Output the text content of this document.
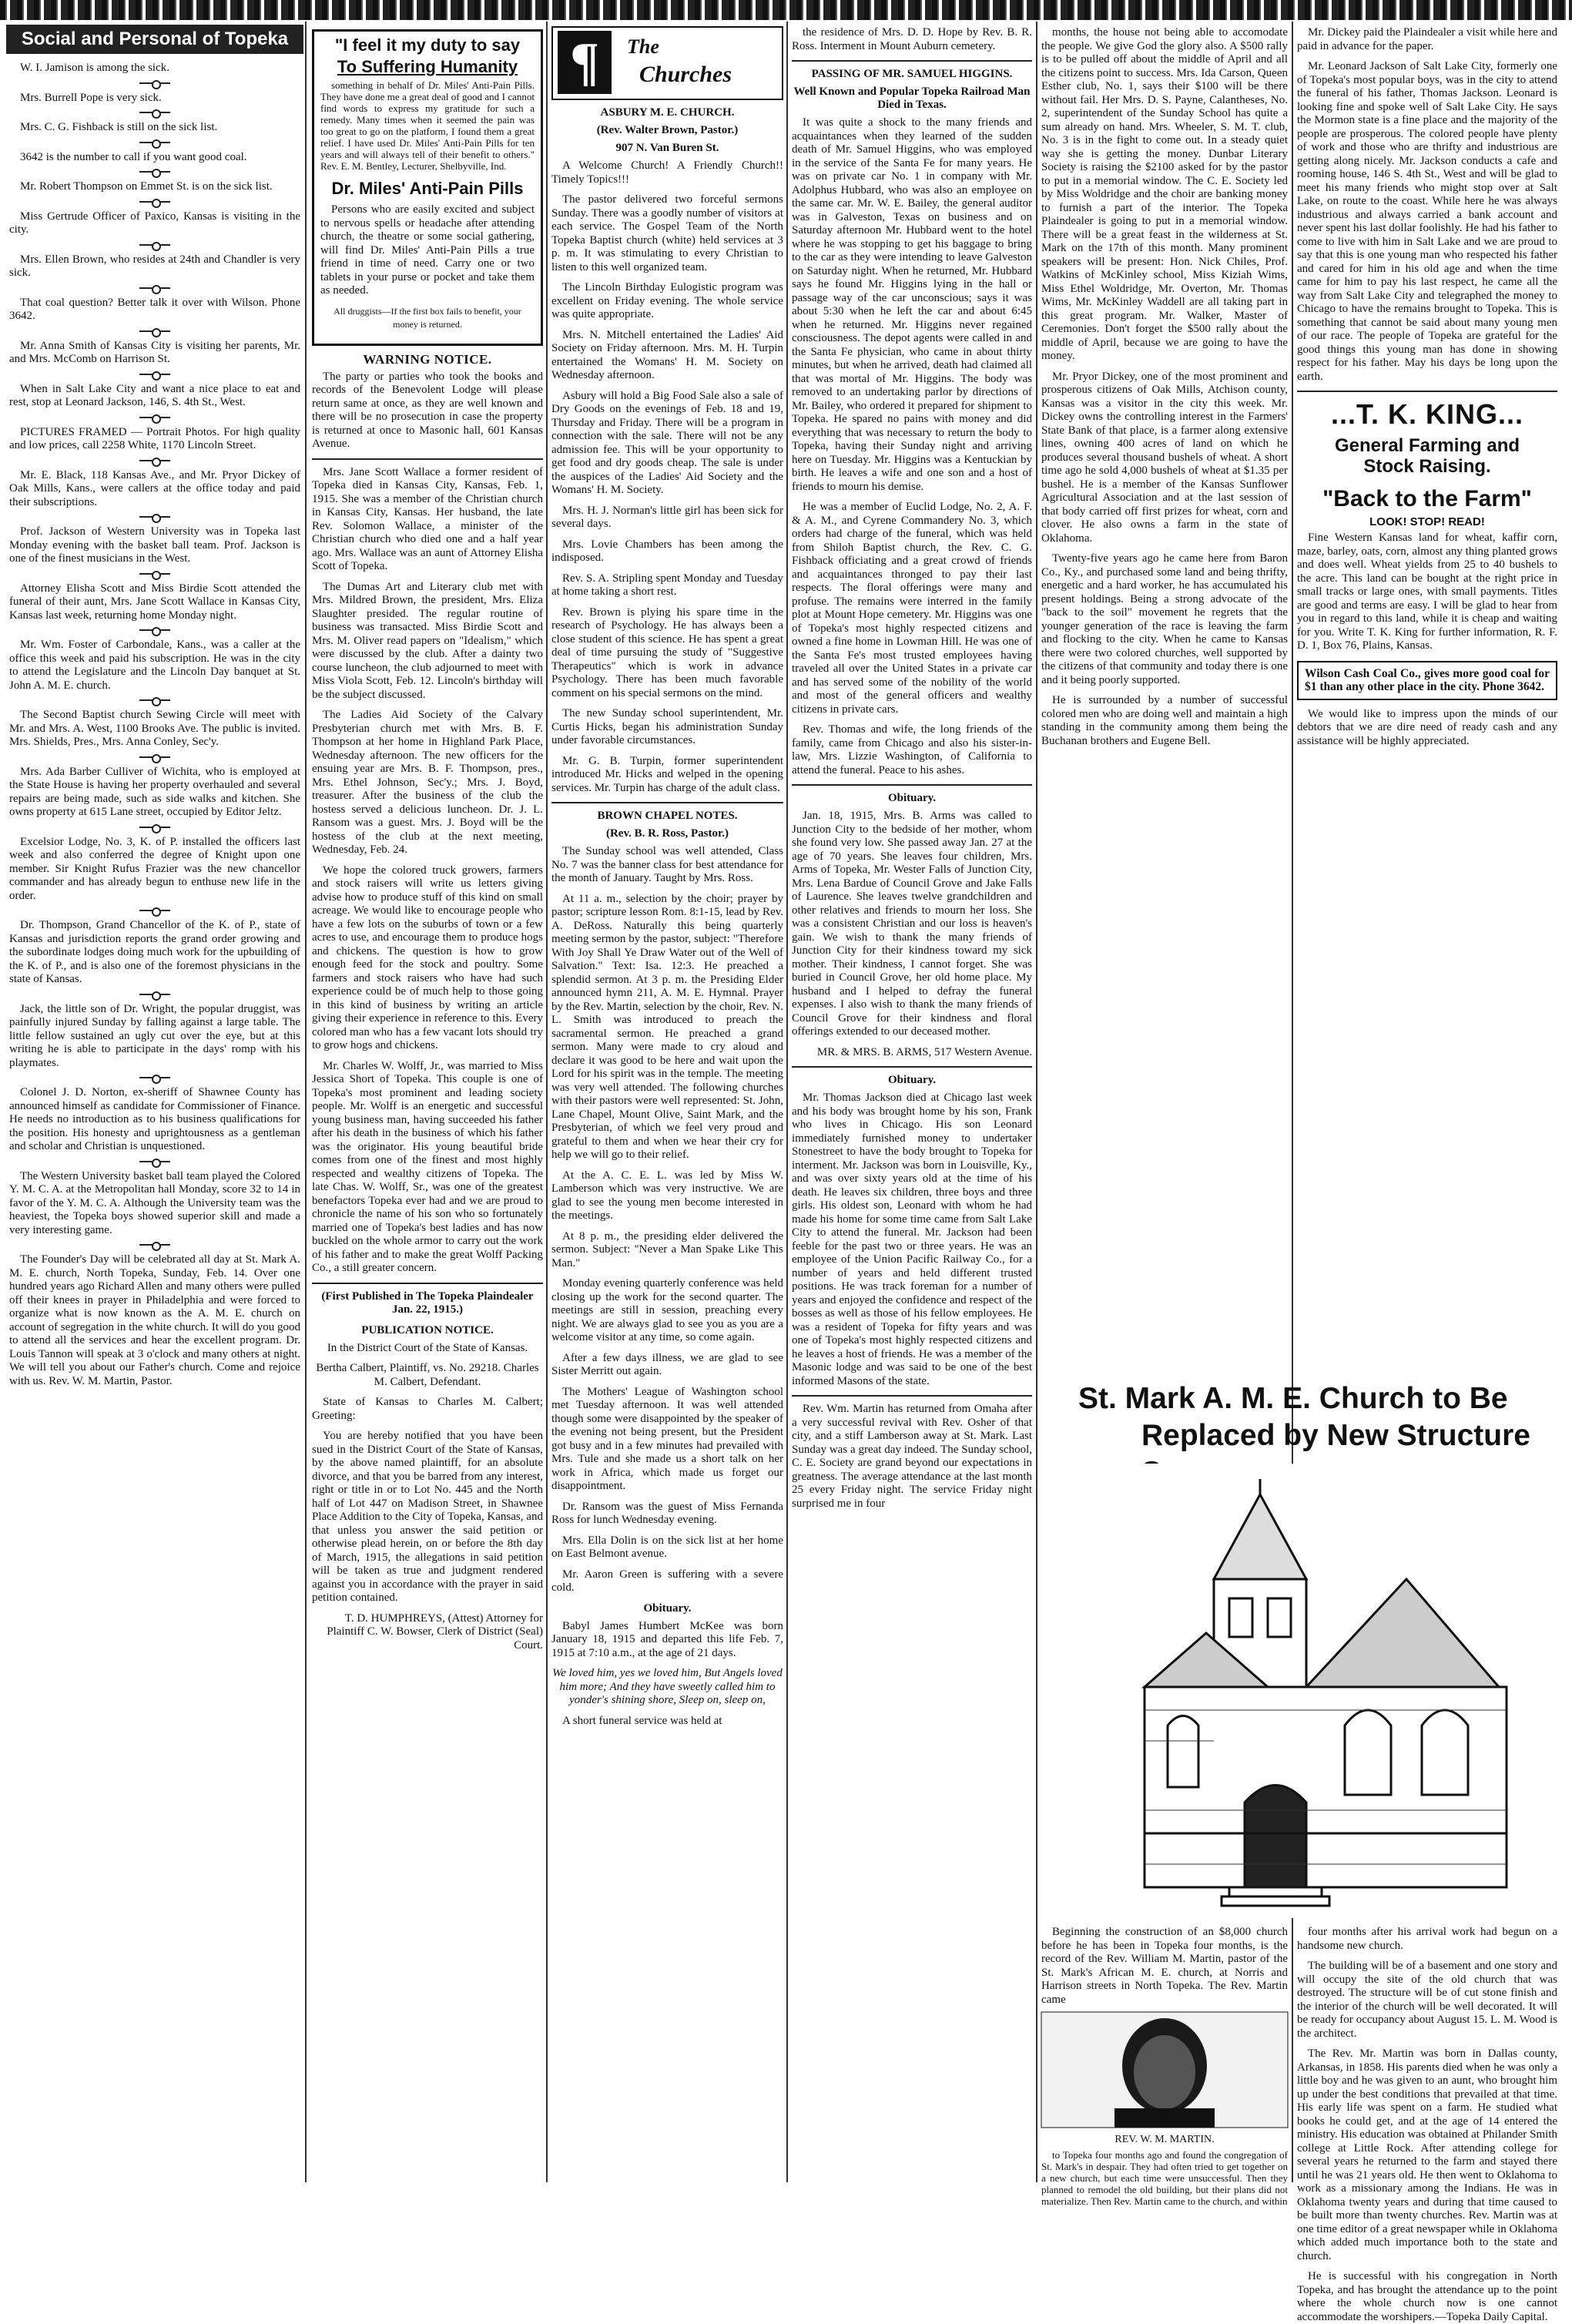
Social and Personal of Topeka

W. I. Jamison is among the sick.

Mrs. Burrell Pope is very sick.

Mrs. C. G. Fishback is still on the sick list.

3642 is the number to call if you want good coal.

Mr. Robert Thompson on Emmet St. is on the sick list.

Miss Gertrude Officer of Paxico, Kansas is visiting in the city.

Mrs. Ellen Brown, who resides at 24th and Chandler is very sick.

That coal question? Better talk it over with Wilson. Phone 3642.

Mr. Anna Smith of Kansas City is visiting her parents, Mr. and Mrs. McComb on Harrison St.

When in Salt Lake City and want a nice place to eat and rest, stop at Leonard Jackson, 146, S. 4th St., West.

PICTURES FRAMED — Portrait Photos. For high quality and low prices, call 2258 White, 1170 Lincoln Street.

Mr. E. Black, 118 Kansas Ave., and Mr. Pryor Dickey of Oak Mills, Kans., were callers at the office today and paid their subscriptions.

Prof. Jackson of Western University was in Topeka last Monday evening with the basket ball team. Prof. Jackson is one of the finest musicians in the West.

Attorney Elisha Scott and Miss Birdie Scott attended the funeral of their aunt, Mrs. Jane Scott Wallace in Kansas City, Kansas last week, returning home Monday night.

Mr. Wm. Foster of Carbondale, Kans., was a caller at the office this week and paid his subscription. He was in the city to attend the Legislature and the Lincoln Day banquet at St. John A. M. E. church.

The Second Baptist church Sewing Circle will meet with Mr. and Mrs. A. West, 1100 Brooks Ave. The public is invited. Mrs. Shields, Pres., Mrs. Anna Conley, Sec'y.

Mrs. Ada Barber Culliver of Wichita, who is employed at the State House is having her property overhauled and several repairs are being made, such as side walks and kitchen. She owns property at 615 Lane street, occupied by Editor Jeltz.

Excelsior Lodge, No. 3, K. of P. installed the officers last week and also conferred the degree of Knight upon one member. Sir Knight Rufus Frazier was the new chancellor commander and has already begun to enthuse new life in the order.

Dr. Thompson, Grand Chancellor of the K. of P., state of Kansas and jurisdiction reports the grand order growing and the subordinate lodges doing much work for the upbuilding of the K. of P., and is also one of the foremost physicians in the state of Kansas.

Jack, the little son of Dr. Wright, the popular druggist, was painfully injured Sunday by falling against a large table. The little fellow sustained an ugly cut over the eye, but at this writing he is able to participate in the days' romp with his playmates.

Colonel J. D. Norton, ex-sheriff of Shawnee County has announced himself as candidate for Commissioner of Finance. He needs no introduction as to his business qualifications for the position. His honesty and uprightousness as a gentleman and scholar and Christian is unquestioned.

The Western University basket ball team played the Colored Y. M. C. A. at the Metropolitan hall Monday, score 32 to 14 in favor of the Y. M. C. A. Although the University team was the heaviest, the Topeka boys showed superior skill and made a very interesting game.

The Founder's Day will be celebrated all day at St. Mark A. M. E. church, North Topeka, Sunday, Feb. 14. Over one hundred years ago Richard Allen and many others were pulled off their knees in prayer in Philadelphia and were forced to organize what is now known as the A. M. E. church on account of segregation in the white church. It will do you good to attend all the services and hear the excellent program. Dr. Louis Tannon will speak at 3 o'clock and many others at night. We will tell you about our Father's church. Come and rejoice with us. Rev. W. M. Martin, Pastor.

"I feel it my duty to say
To Suffering Humanity

something in behalf of Dr. Miles' Anti-Pain Pills. They have done me a great deal of good and I cannot find words to express my gratitude for such a remedy. Many times when it seemed the pain was too great to go on the platform, I found them a great relief. I have used Dr. Miles' Anti-Pain Pills for ten years and will always tell of their benefit to others." Rev. E. M. Bentley, Lecturer, Shelbyville, Ind.

Dr. Miles' Anti-Pain Pills

Persons who are easily excited and subject to nervous spells or headache after attending church, the theatre or some social gathering, will find Dr. Miles' Anti-Pain Pills a true friend in time of need. Carry one or two tablets in your purse or pocket and take them as needed.

All druggists—If the first box fails to benefit, your money is returned.

WARNING NOTICE.

The party or parties who took the books and records of the Benevolent Lodge will please return same at once, as they are well known and there will be no prosecution in case the property is returned at once to Masonic hall, 601 Kansas Avenue.

Mrs. Jane Scott Wallace a former resident of Topeka died in Kansas City, Kansas, Feb. 1, 1915. She was a member of the Christian church in Kansas City, Kansas. Her husband, the late Rev. Solomon Wallace, a minister of the Christian church who died one and a half year ago. Mrs. Wallace was an aunt of Attorney Elisha Scott of Topeka.

The Dumas Art and Literary club met with Mrs. Mildred Brown, the president, Mrs. Eliza Slaughter presided. The regular routine of business was transacted. Miss Birdie Scott and Mrs. M. Oliver read papers on "Idealism," which were discussed by the club. After a dainty two course luncheon, the club adjourned to meet with Miss Viola Scott, Feb. 12. Lincoln's birthday will be the subject discussed.

The Ladies Aid Society of the Calvary Presbyterian church met with Mrs. B. F. Thompson at her home in Highland Park Place, Wednesday afternoon. The new officers for the ensuing year are Mrs. B. F. Thompson, pres., Mrs. Ethel Johnson, Sec'y.; Mrs. J. Boyd, treasurer. After the business of the club the hostess served a delicious luncheon. Dr. J. L. Ransom was a guest. Mrs. J. Boyd will be the hostess of the club at the next meeting, Wednesday, Feb. 24.

We hope the colored truck growers, farmers and stock raisers will write us letters giving advise how to produce stuff of this kind on small acreage. We would like to encourage people who have a few lots on the suburbs of town or a few acres to use, and encourage them to produce hogs and chickens. The question is how to grow enough feed for the stock and poultry. Some farmers and stock raisers who have had such experience could be of much help to those going in this kind of business by writing an article giving their experience in reference to this. Every colored man who has a few vacant lots should try to grow hogs and chickens.

Mr. Charles W. Wolff, Jr., was married to Miss Jessica Short of Topeka. This couple is one of Topeka's most prominent and leading society people. Mr. Wolff is an energetic and successful young business man, having succeeded his father after his death in the business of which his father was the originator. His young beautiful bride comes from one of the finest and most highly respected and wealthy citizens of Topeka. The late Chas. W. Wolff, Sr., was one of the greatest benefactors Topeka ever had and we are proud to chronicle the name of his son who so fortunately married one of Topeka's best ladies and has now buckled on the whole armor to carry out the work of his father and to make the great Wolff Packing Co., a still greater concern.

(First Published in The Topeka Plaindealer Jan. 22, 1915.)

PUBLICATION NOTICE.

In the District Court of the State of Kansas.

Bertha Calbert, Plaintiff, vs. No. 29218. Charles M. Calbert, Defendant.

State of Kansas to Charles M. Calbert; Greeting:

You are hereby notified that you have been sued in the District Court of the State of Kansas, by the above named plaintiff, for an absolute divorce, and that you be barred from any interest, right or title in or to Lot No. 445 and the North half of Lot 447 on Madison Street, in Shawnee Place Addition to the City of Topeka, Kansas, and that unless you answer the said petition or otherwise plead herein, on or before the 8th day of March, 1915, the allegations in said petition will be taken as true and judgment rendered against you in accordance with the prayer in said petition contained.

T. D. HUMPHREYS, (Attest) Attorney for Plaintiff C. W. Bowser, Clerk of District (Seal) Court.

¶	The
Churches
ASBURY M. E. CHURCH.
(Rev. Walter Brown, Pastor.)
907 N. Van Buren St.

A Welcome Church! A Friendly Church!! Timely Topics!!!

The pastor delivered two forceful sermons Sunday. There was a goodly number of visitors at each service. The Gospel Team of the North Topeka Baptist church (white) held services at 3 p. m. It was stimulating to every Christian to listen to this well organized team.

The Lincoln Birthday Eulogistic program was excellent on Friday evening. The whole service was quite appropriate.

Mrs. N. Mitchell entertained the Ladies' Aid Society on Friday afternoon. Mrs. M. H. Turpin entertained the Womans' H. M. Society on Wednesday afternoon.

Asbury will hold a Big Food Sale also a sale of Dry Goods on the evenings of Feb. 18 and 19, Thursday and Friday. There will be a program in connection with the sale. There will not be any admission fee. This will be your opportunity to get food and dry goods cheap. The sale is under the auspices of the Ladies' Aid Society and the Womans' H. M. Society.

Mrs. H. J. Norman's little girl has been sick for several days.

Mrs. Lovie Chambers has been among the indisposed.

Rev. S. A. Stripling spent Monday and Tuesday at home taking a short rest.

Rev. Brown is plying his spare time in the research of Psychology. He has always been a close student of this science. He has spent a great deal of time pursuing the study of "Suggestive Therapeutics" which is work in advance Psychology. There has been much favorable comment on his special sermons on the mind.

The new Sunday school superintendent, Mr. Curtis Hicks, began his administration Sunday under favorable circumstances.

Mr. G. B. Turpin, former superintendent introduced Mr. Hicks and welped in the opening services. Mr. Turpin has charge of the adult class.

BROWN CHAPEL NOTES.
(Rev. B. R. Ross, Pastor.)

The Sunday school was well attended, Class No. 7 was the banner class for best attendance for the month of January. Taught by Mrs. Ross.

At 11 a. m., selection by the choir; prayer by pastor; scripture lesson Rom. 8:1-15, lead by Rev. A. DeRoss. Naturally this being quarterly meeting sermon by the pastor, subject: "Therefore With Joy Shall Ye Draw Water out of the Well of Salvation." Text: Isa. 12:3. He preached a splendid sermon. At 3 p. m. the Presiding Elder announced hymn 211, A. M. E. Hymnal. Prayer by the Rev. Martin, selection by the choir, Rev. N. L. Smith was introduced to preach the sacramental sermon. He preached a grand sermon. Many were made to cry aloud and declare it was good to be here and wait upon the Lord for his spirit was in the temple. The meeting was very well attended. The following churches with their pastors were well represented: St. John, Lane Chapel, Mount Olive, Saint Mark, and the Presbyterian, of which we feel very proud and grateful to them and when we hear their cry for help we will go to their relief.

At the A. C. E. L. was led by Miss W. Lamberson which was very instructive. We are glad to see the young men become interested in the meetings.

At 8 p. m., the presiding elder delivered the sermon. Subject: "Never a Man Spake Like This Man."

Monday evening quarterly conference was held closing up the work for the second quarter. The meetings are still in session, preaching every night. We are always glad to see you as you are a welcome visitor at any time, so come again.

After a few days illness, we are glad to see Sister Merritt out again.

The Mothers' League of Washington school met Tuesday afternoon. It was well attended though some were disappointed by the speaker of the evening not being present, but the President got busy and in a few minutes had prevailed with Mrs. Tule and she made us a short talk on her work in Africa, which made us forget our disappointment.

Dr. Ransom was the guest of Miss Fernanda Ross for lunch Wednesday evening.

Mrs. Ella Dolin is on the sick list at her home on East Belmont avenue.

Mr. Aaron Green is suffering with a severe cold.

Obituary.

Babyl James Humbert McKee was born January 18, 1915 and departed this life Feb. 7, 1915 at 7:10 a.m., at the age of 21 days.

We loved him, yes we loved him, But Angels loved him more; And they have sweetly called him to yonder's shining shore, Sleep on, sleep on,

A short funeral service was held at

the residence of Mrs. D. D. Hope by Rev. B. R. Ross. Interment in Mount Auburn cemetery.

PASSING OF MR. SAMUEL HIGGINS.
Well Known and Popular Topeka Railroad Man Died in Texas.

It was quite a shock to the many friends and acquaintances when they learned of the sudden death of Mr. Samuel Higgins, who was employed in the service of the Santa Fe for many years. He was on private car No. 1 in company with Mr. Adolphus Hubbard, who was also an employee on the same car. Mr. W. E. Bailey, the general auditor was in Galveston, Texas on business and on Saturday afternoon Mr. Hubbard went to the hotel where he was stopping to get his baggage to bring to the car as they were intending to leave Galveston on Saturday night. When he returned, Mr. Hubbard says he found Mr. Higgins lying in the hall or passage way of the car unconscious; says it was about 5:30 when he left the car and about 6:45 when he returned. Mr. Higgins never regained consciousness. The depot agents were called in and the Santa Fe physician, who came in about thirty minutes, but when he arrived, death had claimed all that was mortal of Mr. Higgins. The body was removed to an undertaking parlor by directions of Mr. Bailey, who ordered it prepared for shipment to Topeka. He spared no pains with money and did everything that was necessary to return the body to Topeka, having their Sunday night and arriving here on Tuesday. Mr. Higgins was a Kentuckian by birth. He leaves a wife and one son and a host of friends to mourn his demise.

He was a member of Euclid Lodge, No. 2, A. F. & A. M., and Cyrene Commandery No. 3, which orders had charge of the funeral, which was held from Shiloh Baptist church, the Rev. C. G. Fishback officiating and a great crowd of friends and acquaintances thronged to pay their last respects. The floral offerings were many and profuse. The remains were interred in the family plot at Mount Hope cemetery. Mr. Higgins was one of Topeka's most highly respected citizens and owned a fine home in Lowman Hill. He was one of the Santa Fe's most trusted employees having traveled all over the United States in a private car and has served some of the nobility of the world and most of the general officers and wealthy citizens in private cars.

Rev. Thomas and wife, the long friends of the family, came from Chicago and also his sister-in-law, Mrs. Lizzie Washington, of California to attend the funeral. Peace to his ashes.

Obituary.

Jan. 18, 1915, Mrs. B. Arms was called to Junction City to the bedside of her mother, whom she found very low. She passed away Jan. 27 at the age of 70 years. She leaves four children, Mrs. Arms of Topeka, Mr. Wester Falls of Junction City, Mrs. Lena Bardue of Council Grove and Jake Falls of Laurence. She leaves twelve grandchildren and other relatives and friends to mourn her loss. She was a consistent Christian and our loss is heaven's gain. We wish to thank the many friends of Junction City for their kindness toward my sick mother. Their kindness, I cannot forget. She was buried in Council Grove, her old home place. My husband and I helped to defray the funeral expenses. I also wish to thank the many friends of Council Grove for their kindness and floral offerings extended to our deceased mother.

MR. & MRS. B. ARMS, 517 Western Avenue.

Obituary.

Mr. Thomas Jackson died at Chicago last week and his body was brought home by his son, Frank who lives in Chicago. His son Leonard immediately furnished money to undertaker Stonestreet to have the body brought to Topeka for interment. Mr. Jackson was born in Louisville, Ky., and was over sixty years old at the time of his death. He leaves six children, three boys and three girls. His oldest son, Leonard with whom he had made his home for some time came from Salt Lake City to attend the funeral. Mr. Jackson had been feeble for the past two or three years. He was an employee of the Union Pacific Railway Co., for a number of years and held different trusted positions. He was track foreman for a number of years and enjoyed the confidence and respect of the bosses as well as those of his fellow employees. He was a resident of Topeka for fifty years and was one of Topeka's most highly respected citizens and he leaves a host of friends. He was a member of the Masonic lodge and was said to be one of the best informed Masons of the state.

Rev. Wm. Martin has returned from Omaha after a very successful revival with Rev. Osher of that city, and a stiff Lamberson away at St. Mark. Last Sunday was a great day indeed. The Sunday school, C. E. Society are grand beyond our expectations in greatness. The average attendance at the last month 25 every Friday night. The service Friday night surprised me in four

months, the house not being able to accomodate the people. We give God the glory also. A $500 rally is to be pulled off about the middle of April and all the citizens point to success. Mrs. Ida Carson, Queen Esther club, No. 1, says their $100 will be there without fail. Her Mrs. D. S. Payne, Calantheses, No. 2, superintendent of the Sunday School has quite a sum already on hand. Mrs. Wheeler, S. M. T. club, No. 3 is in the fight to come out. In a steady quiet way she is getting the money. Dunbar Literary Society is raising the $2100 asked for by the pastor to put in a memorial window. The C. E. Society led by Miss Woldridge and the choir are banking money to furnish a part of the interior. The Topeka Plaindealer is going to put in a memorial window. There will be a great feast in the wilderness at St. Mark on the 17th of this month. Many prominent speakers will be present: Hon. Nick Chiles, Prof. Watkins of McKinley school, Miss Kiziah Wims, Miss Ethel Woldridge, Mr. Overton, Mr. Thomas Wims, Mr. McKinley Waddell are all taking part in this great program. Mr. Walker, Master of Ceremonies. Don't forget the $500 rally about the middle of April, because we are going to have the money.

Mr. Pryor Dickey, one of the most prominent and prosperous citizens of Oak Mills, Atchison county, Kansas was a visitor in the city this week. Mr. Dickey owns the controlling interest in the Farmers' State Bank of that place, is a farmer along extensive lines, owning 400 acres of land on which he produces several thousand bushels of wheat. A short time ago he sold 4,000 bushels of wheat at $1.35 per bushel. He is a member of the Kansas Sunflower Agricultural Association and at the last session of that body carried off first prizes for wheat, corn and clover. He also owns a farm in the state of Oklahoma.

Twenty-five years ago he came here from Baron Co., Ky., and purchased some land and being thrifty, energetic and a hard worker, he has accumulated his present holdings. Being a strong advocate of the "back to the soil" movement he regrets that the younger generation of the race is leaving the farm and flocking to the city. When he came to Kansas there were two colored churches, well supported by the citizens of that community and today there is one and it being poorly supported.

He is surrounded by a number of successful colored men who are doing well and maintain a high standing in the community among them being the Buchanan brothers and Eugene Bell.

Mr. Dickey paid the Plaindealer a visit while here and paid in advance for the paper.

Mr. Leonard Jackson of Salt Lake City, formerly one of Topeka's most popular boys, was in the city to attend the funeral of his father, Thomas Jackson. Leonard is looking fine and spoke well of Salt Lake City. He says the Mormon state is a fine place and the majority of the people are prosperous. The colored people have plenty of work and those who are thrifty and industrious are getting along nicely. Mr. Jackson conducts a cafe and rooming house, 146 S. 4th St., West and will be glad to meet his many friends who might stop over at Salt Lake, on route to the coast. While here he was always industrious and always carried a bank account and never spent his last dollar foolishly. He had his father to come to live with him in Salt Lake and we are proud to say that this is one young man who respected his father and cared for him in his old age and when the time came for him to pay his last respect, he came all the way from Salt Lake City and telegraphed the money to Chicago to have the remains brought to Topeka. This is something that cannot be said about many young men of our race. The people of Topeka are grateful for the good things this young man has done in showing respect for his father. May his days be long upon the earth.

...T. K. KING...
General Farming and
Stock Raising.
"Back to the Farm"
LOOK! STOP! READ!

Fine Western Kansas land for wheat, kaffir corn, maze, barley, oats, corn, almost any thing planted grows and does well. Wheat yields from 25 to 40 bushels to the acre. This land can be bought at the right price in small tracks or large ones, with small payments. Titles are good and terms are easy. I will be glad to hear from you in regard to this land, while it is cheap and waiting for you. Write T. K. King for further information, R. F. D. 1, Box 76, Plains, Kansas.

Wilson Cash Coal Co., gives more good coal for $1 than any other place in the city. Phone 3642.

We would like to impress upon the minds of our debtors that we are dire need of ready cash and any assistance will be highly appreciated.

St. Mark A. M. E. Church to Be
Replaced by New Structure

Beginning the construction of an $8,000 church before he has been in Topeka four months, is the record of the Rev. William M. Martin, pastor of the St. Mark's African M. E. church, at Norris and Harrison streets in North Topeka. The Rev. Martin came

four months after his arrival work had begun on a handsome new church.

The building will be of a basement and one story and will occupy the site of the old church that was destroyed. The structure will be of cut stone finish and the interior of the church will be well decorated. It will be ready for occupancy about August 15. L. M. Wood is the architect.

The Rev. Mr. Martin was born in Dallas county, Arkansas, in 1858. His parents died when he was only a little boy and he was given to an aunt, who brought him up under the best conditions that prevailed at that time. His early life was spent on a farm. He studied what books he could get, and at the age of 14 entered the ministry. His education was obtained at Philander Smith college at Little Rock. After attending college for several years he returned to the farm and stayed there until he was 21 years old. He then went to Oklahoma to work as a missionary among the Indians. He was in Oklahoma twenty years and during that time caused to be built more than twenty churches. Rev. Martin was at one time editor of a great newspaper while in Oklahoma which added much importance both to the state and church.

He is successful with his congregation in North Topeka, and has brought the attendance up to the point where the whole church now is one cannot accommodate the worshipers.—Topeka Daily Capital.

REV. W. M. MARTIN.

to Topeka four months ago and found the congregation of St. Mark's in despair. They had often tried to get together on a new church, but each time were unsuccessful. Then they planned to remodel the old building, but their plans did not materialize. Then Rev. Martin came to the church, and within
